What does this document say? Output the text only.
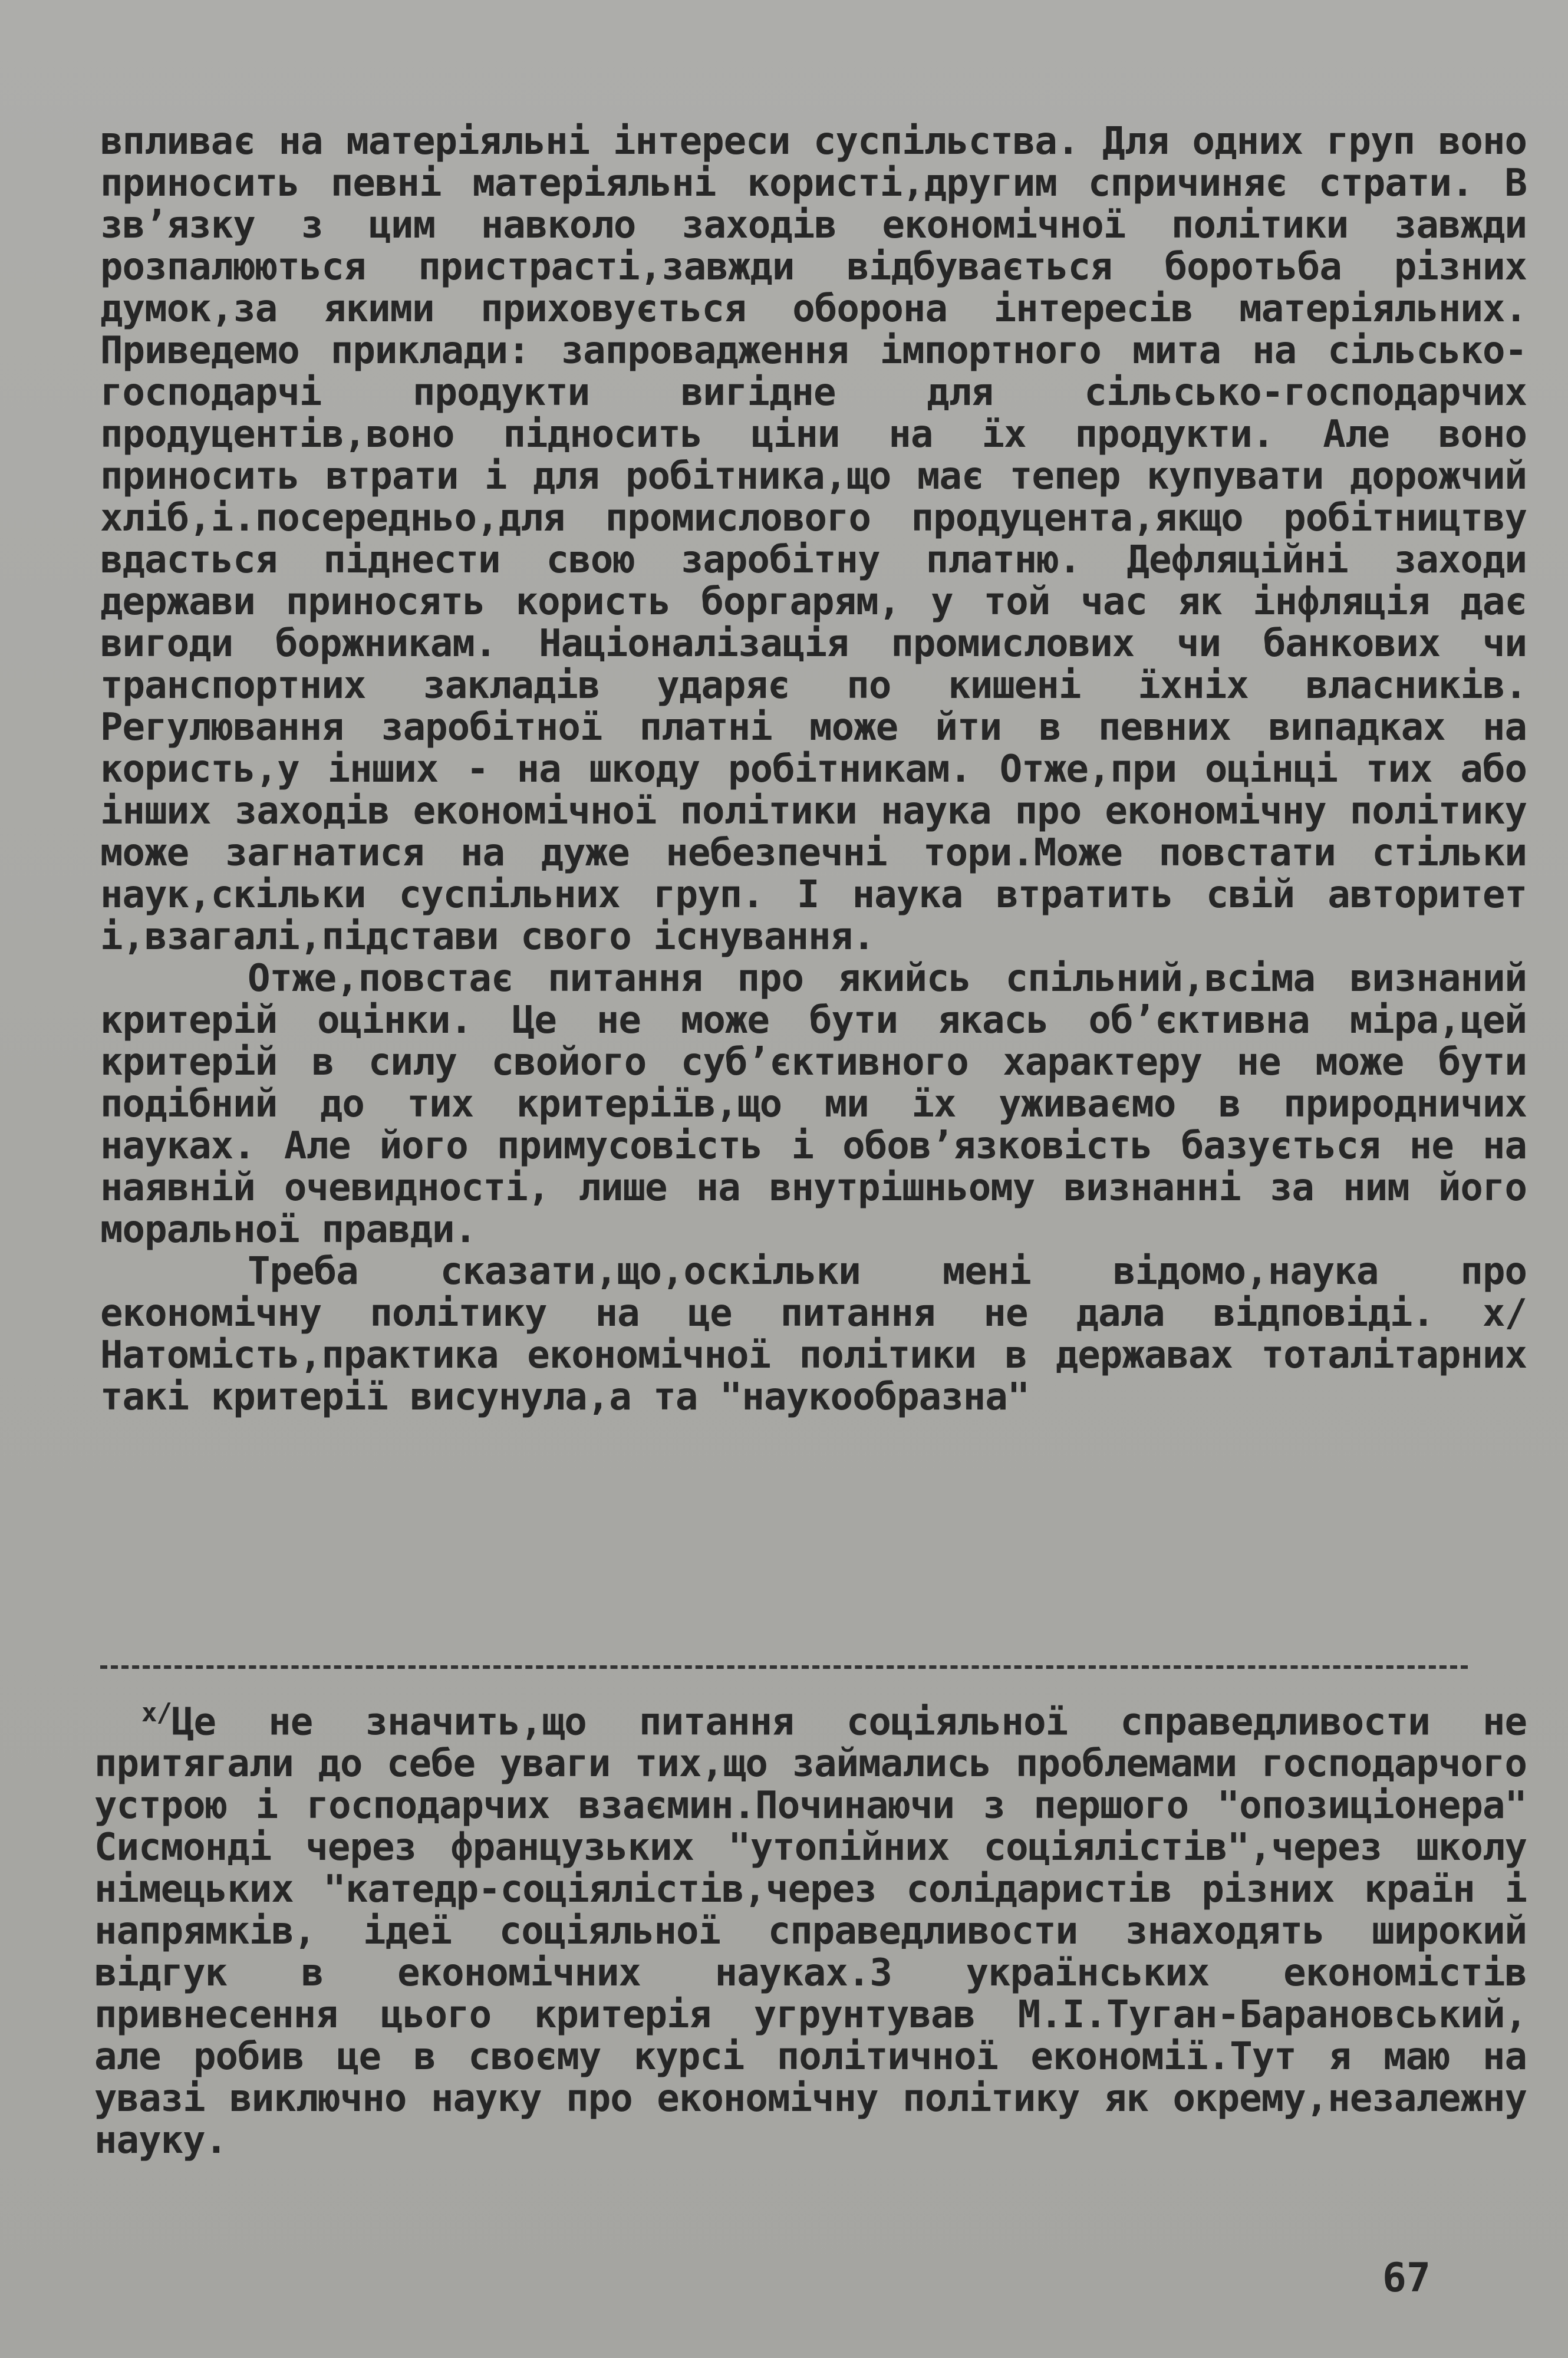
впливає на матеріяльні інтереси суспільства. Для одних груп воно приносить певні матеріяльні користі,другим спричиняє страти. В зв’язку з цим навколо заходів економічної політики завжди розпалюються пристрасті,завжди відбувається боротьба різних думок,за якими приховується оборона інтересів матеріяльних. Приведемо приклади: запровадження імпортного мита на сільсько-господарчі продукти вигідне для сільсько-господарчих продуцентів,воно підносить ціни на їх продукти. Але воно приносить втрати і для робітника,що має тепер купувати дорожчий хліб,і.посередньо,для промислового продуцента,якщо робітництву вдасться піднести свою заробітну платню. Дефляційні заходи держави приносять користь боргарям, у той час як інфляція дає вигоди боржникам. Націоналізація промислових чи банкових чи транспортних закладів ударяє по кишені їхніх власників. Регулювання заробітної платні може йти в певних випадках на користь,у інших - на шкоду робітникам. Отже,при оцінці тих або інших заходів економічної політики наука про економічну політику може загнатися на дуже небезпечні тори.Може повстати стільки наук,скільки суспільних груп. І наука втратить свій авторитет і,взагалі,підстави свого існування.

Отже,повстає питання про якийсь спільний,всіма визнаний критерій оцінки. Це не може бути якась об’єктивна міра,цей критерій в силу свойого суб’єктивного характеру не може бути подібний до тих критеріїв,що ми їх уживаємо в природничих науках. Але його примусовість і обов’язковість базується не на наявній очевидності, лише на внутрішньому визнанні за ним його моральної правди.

Треба сказати,що,оскільки мені відомо,наука про економічну політику на це питання не дала відповіді. х/ Натомість,практика економічної політики в державах тоталітарних такі критерії висунула,а та "наукообразна"

$^{х/}$Це не значить,що питання соціяльної справедливости не притягали до себе уваги тих,що займались проблемами господарчого устрою і господарчих взаємин.Починаючи з першого "опозиціонера" Сисмонді через французьких "утопійних соціялістів",через школу німецьких "катедр-соціялістів,через солідаристів різних країн і напрямків, ідеї соціяльної справедливости знаходять широкий відгук в економічних науках.З українських економістів привнесення цього критерія угрунтував М.І.Туган-Барановський, але робив це в своєму курсі політичної економії.Тут я маю на увазі виключно науку про економічну політику як окрему,незалежну науку.

67
